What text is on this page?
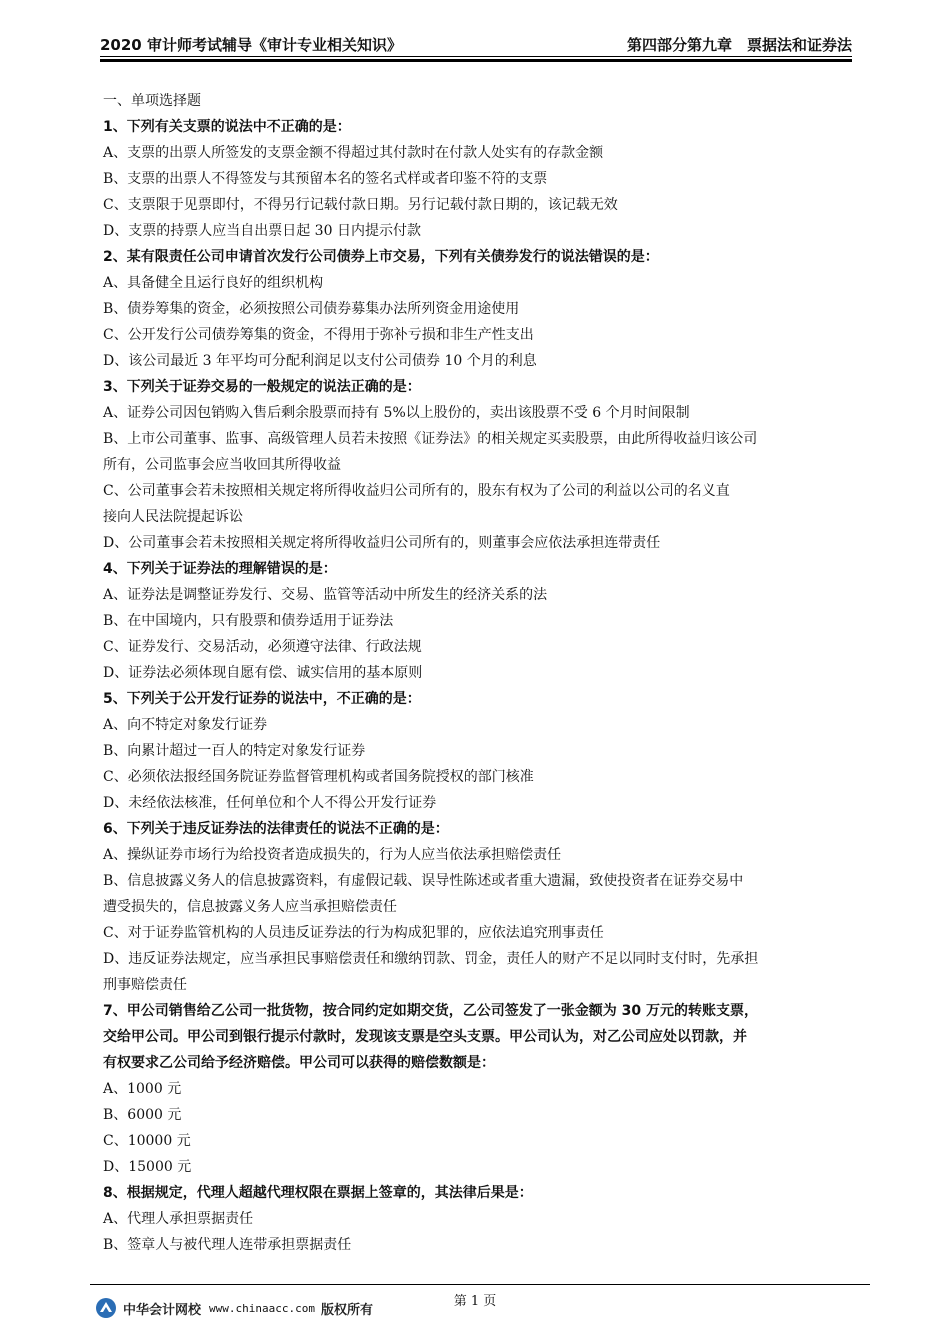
2020 审计师考试辅导《审计专业相关知识》	第四部分第九章　票据法和证券法
一、单项选择题
1、下列有关支票的说法中不正确的是：
A、支票的出票人所签发的支票金额不得超过其付款时在付款人处实有的存款金额
B、支票的出票人不得签发与其预留本名的签名式样或者印鉴不符的支票
C、支票限于见票即付，不得另行记载付款日期。另行记载付款日期的，该记载无效
D、支票的持票人应当自出票日起 30 日内提示付款
2、某有限责任公司申请首次发行公司债券上市交易，下列有关债券发行的说法错误的是：
A、具备健全且运行良好的组织机构
B、债券筹集的资金，必须按照公司债券募集办法所列资金用途使用
C、公开发行公司债券筹集的资金，不得用于弥补亏损和非生产性支出
D、该公司最近 3 年平均可分配利润足以支付公司债券 10 个月的利息
3、下列关于证券交易的一般规定的说法正确的是：
A、证券公司因包销购入售后剩余股票而持有 5%以上股份的，卖出该股票不受 6 个月时间限制
B、上市公司董事、监事、高级管理人员若未按照《证券法》的相关规定买卖股票，由此所得收益归该公司
所有，公司监事会应当收回其所得收益
C、公司董事会若未按照相关规定将所得收益归公司所有的，股东有权为了公司的利益以公司的名义直
接向人民法院提起诉讼
D、公司董事会若未按照相关规定将所得收益归公司所有的，则董事会应依法承担连带责任
4、下列关于证券法的理解错误的是：
A、证券法是调整证券发行、交易、监管等活动中所发生的经济关系的法
B、在中国境内，只有股票和债券适用于证券法
C、证券发行、交易活动，必须遵守法律、行政法规
D、证券法必须体现自愿有偿、诚实信用的基本原则
5、下列关于公开发行证券的说法中，不正确的是：
A、向不特定对象发行证券
B、向累计超过一百人的特定对象发行证券
C、必须依法报经国务院证券监督管理机构或者国务院授权的部门核准
D、未经依法核准，任何单位和个人不得公开发行证券
6、下列关于违反证券法的法律责任的说法不正确的是：
A、操纵证券市场行为给投资者造成损失的，行为人应当依法承担赔偿责任
B、信息披露义务人的信息披露资料，有虚假记载、误导性陈述或者重大遗漏，致使投资者在证券交易中
遭受损失的，信息披露义务人应当承担赔偿责任
C、对于证券监管机构的人员违反证券法的行为构成犯罪的，应依法追究刑事责任
D、违反证券法规定，应当承担民事赔偿责任和缴纳罚款、罚金，责任人的财产不足以同时支付时，先承担
刑事赔偿责任
7、甲公司销售给乙公司一批货物，按合同约定如期交货，乙公司签发了一张金额为 30 万元的转账支票，
交给甲公司。甲公司到银行提示付款时，发现该支票是空头支票。甲公司认为，对乙公司应处以罚款，并
有权要求乙公司给予经济赔偿。甲公司可以获得的赔偿数额是：
A、1000 元
B、6000 元
C、10000 元
D、15000 元
8、根据规定，代理人超越代理权限在票据上签章的，其法律后果是：
A、代理人承担票据责任
B、签章人与被代理人连带承担票据责任
中华会计网校 www.chinaacc.com 版权所有
第 1 页
